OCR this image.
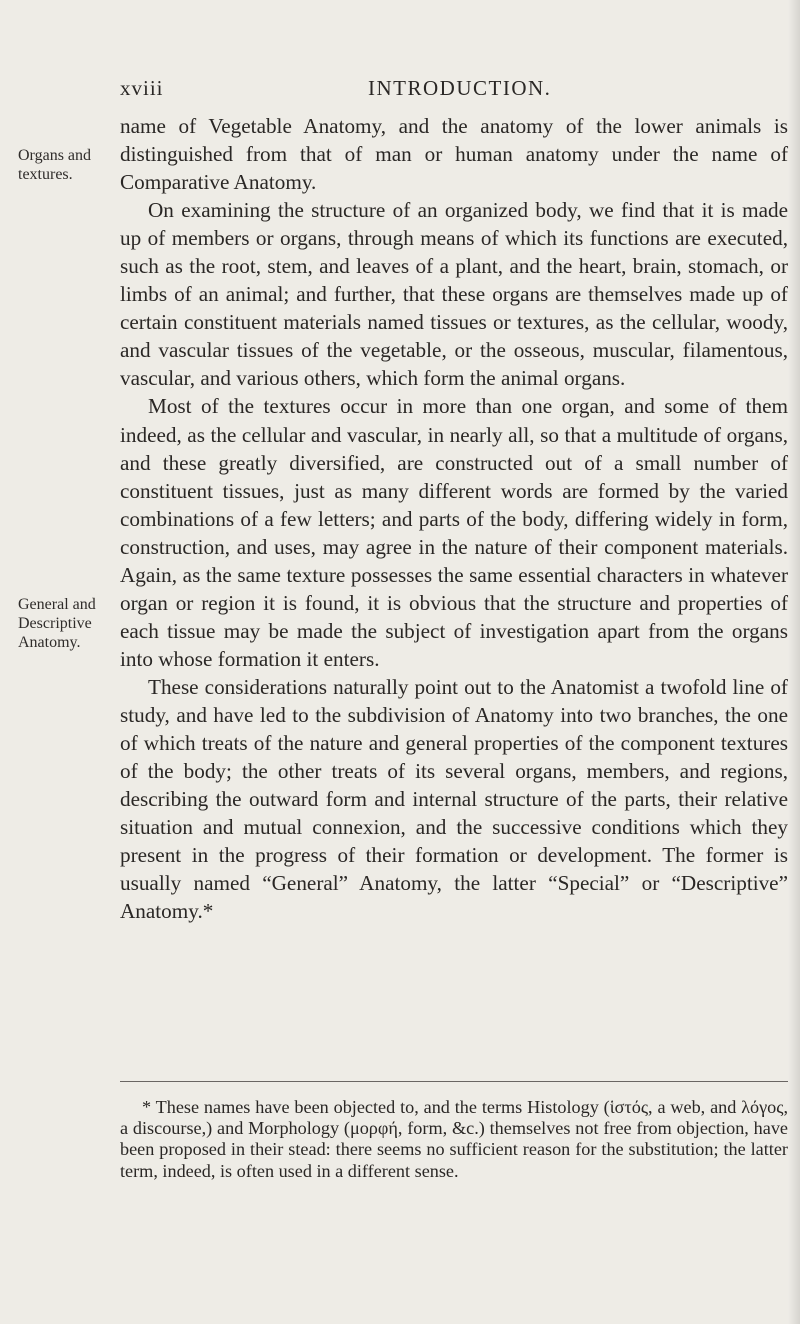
xviii	INTRODUCTION.
Organs and
textures.
General and
Descriptive
Anatomy.

name of Vegetable Anatomy, and the anatomy of the lower animals is distinguished from that of man or human anatomy under the name of Comparative Anatomy.

On examining the structure of an organized body, we find that it is made up of members or organs, through means of which its functions are executed, such as the root, stem, and leaves of a plant, and the heart, brain, stomach, or limbs of an animal; and further, that these organs are themselves made up of certain constituent materials named tissues or textures, as the cellular, woody, and vascular tissues of the vegetable, or the osseous, muscular, filamentous, vascular, and various others, which form the animal organs.

Most of the textures occur in more than one organ, and some of them indeed, as the cellular and vascular, in nearly all, so that a multitude of organs, and these greatly diversified, are constructed out of a small number of constituent tissues, just as many different words are formed by the varied combinations of a few letters; and parts of the body, differing widely in form, construction, and uses, may agree in the nature of their component materials. Again, as the same texture possesses the same essential characters in whatever organ or region it is found, it is obvious that the structure and properties of each tissue may be made the subject of investigation apart from the organs into whose formation it enters.

These considerations naturally point out to the Anatomist a twofold line of study, and have led to the subdivision of Anatomy into two branches, the one of which treats of the nature and general properties of the component textures of the body; the other treats of its several organs, members, and regions, describing the outward form and internal structure of the parts, their relative situation and mutual connexion, and the successive conditions which they present in the progress of their formation or development. The former is usually named “General” Anatomy, the latter “Special” or “Descriptive” Anatomy.*

* These names have been objected to, and the terms Histology (ἱστός, a web, and λόγος, a discourse,) and Morphology (μορφή, form, &c.) themselves not free from objection, have been proposed in their stead: there seems no sufficient reason for the substitution; the latter term, indeed, is often used in a different sense.
